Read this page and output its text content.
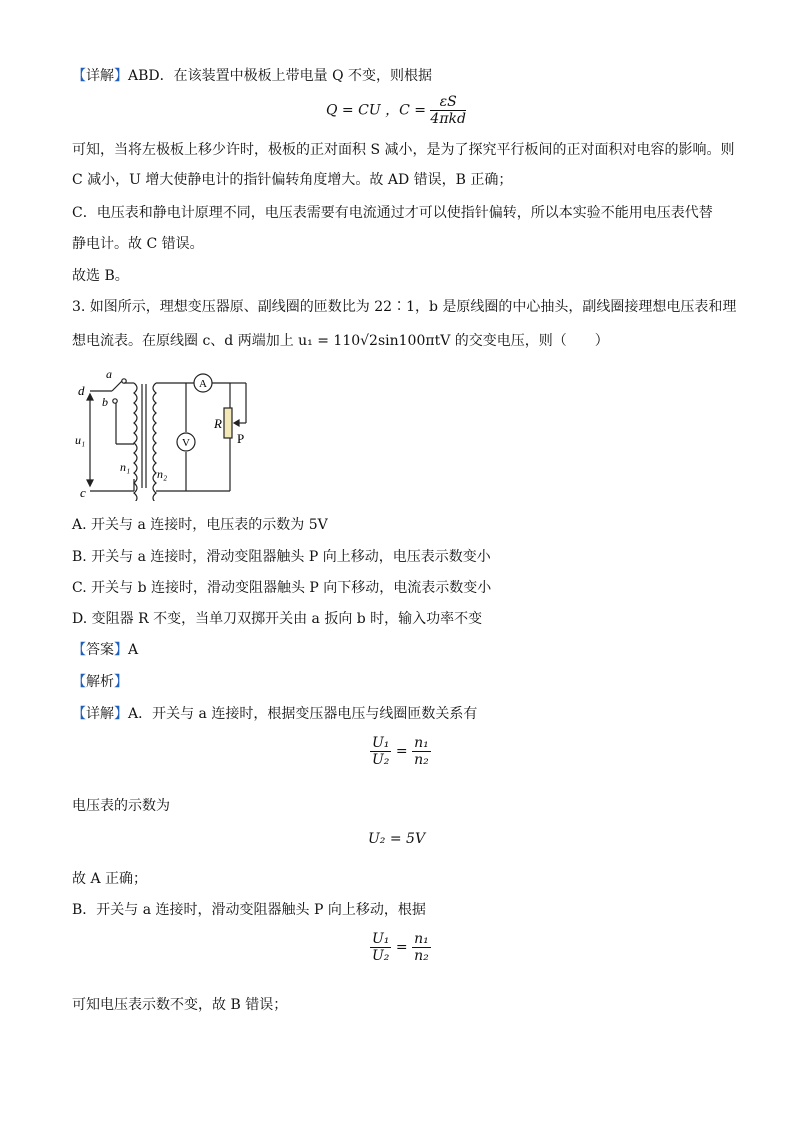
【详解】ABD．在该装置中极板上带电量 Q 不变，则根据
Q = CU ，$C = \frac{\varepsilon S}{\text{4πkd}}$
可知，当将左极板上移少许时，极板的正对面积 S 减小，是为了探究平行板间的正对面积对电容的影响。则
C 减小，U 增大使静电计的指针偏转角度增大。故 AD 错误，B 正确；
C．电压表和静电计原理不同，电压表需要有电流通过才可以使指针偏转，所以本实验不能用电压表代替
静电计。故 C 错误。
故选 B。
3. 如图所示，理想变压器原、副线圈的匝数比为 22∶1，b 是原线圈的中心抽头，副线圈接理想电压表和理
想电流表。在原线圈 c、d 两端加上 u₁ = 110√2sin100πtV 的交变电压，则（　　）
d
a
b
u₁
n₁ n₂
c
A
V
R
P
A. 开关与 a 连接时，电压表的示数为 5V
B. 开关与 a 连接时，滑动变阻器触头 P 向上移动，电压表示数变小
C. 开关与 b 连接时，滑动变阻器触头 P 向下移动，电流表示数变小
D. 变阻器 R 不变，当单刀双掷开关由 a 扳向 b 时，输入功率不变
【答案】A
【解析】
【详解】A．开关与 a 连接时，根据变压器电压与线圈匝数关系有
$\frac{\text{U₁}}{\text{U₂}} = \frac{\text{n₁}}{\text{n₂}}$
电压表的示数为
U₂ = 5V
故 A 正确；
B．开关与 a 连接时，滑动变阻器触头 P 向上移动，根据
$\frac{\text{U₁}}{\text{U₂}} = \frac{\text{n₁}}{\text{n₂}}$
可知电压表示数不变，故 B 错误；
